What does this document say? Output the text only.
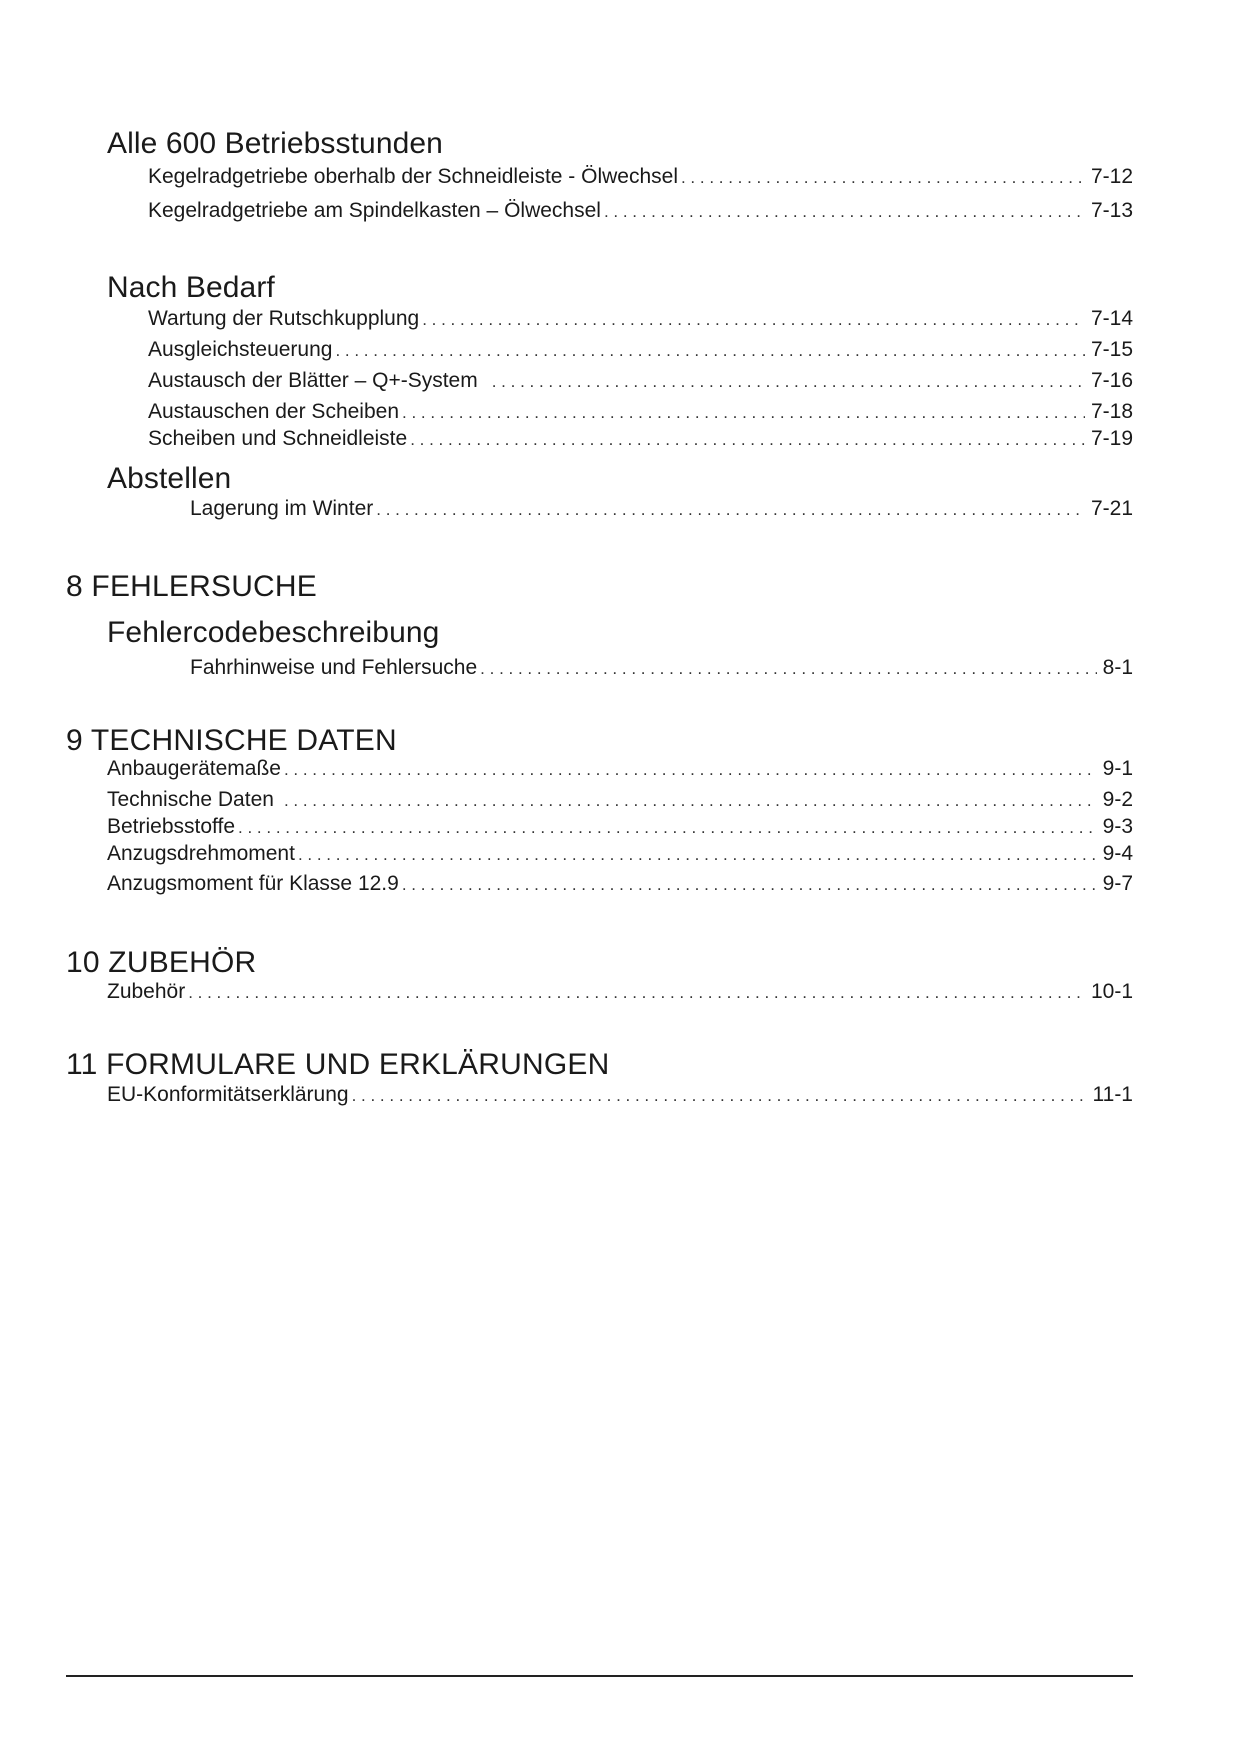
Alle 600 Betriebsstunden
Kegelradgetriebe oberhalb der Schneidleiste - Ölwechsel . . .	7-12
Kegelradgetriebe am Spindelkasten – Ölwechsel . . .	7-13
Nach Bedarf
Wartung der Rutschkupplung . . .	7-14
Ausgleichsteuerung . . .	7-15
Austausch der Blätter – Q+-System . . .	7-16
Austauschen der Scheiben . . .	7-18
Scheiben und Schneidleiste . . .	7-19
Abstellen
Lagerung im Winter . . .	7-21
8 FEHLERSUCHE
Fehlercodebeschreibung
Fahrhinweise und Fehlersuche . . .	8-1
9 TECHNISCHE DATEN
Anbaugerätemaße . . .	9-1
Technische Daten . . .	9-2
Betriebsstoffe . . .	9-3
Anzugsdrehmoment . . .	9-4
Anzugsmoment für Klasse 12.9 . . .	9-7
10 ZUBEHÖR
Zubehör . . .	10-1
11 FORMULARE UND ERKLÄRUNGEN
EU-Konformitätserklärung . . .	11-1
